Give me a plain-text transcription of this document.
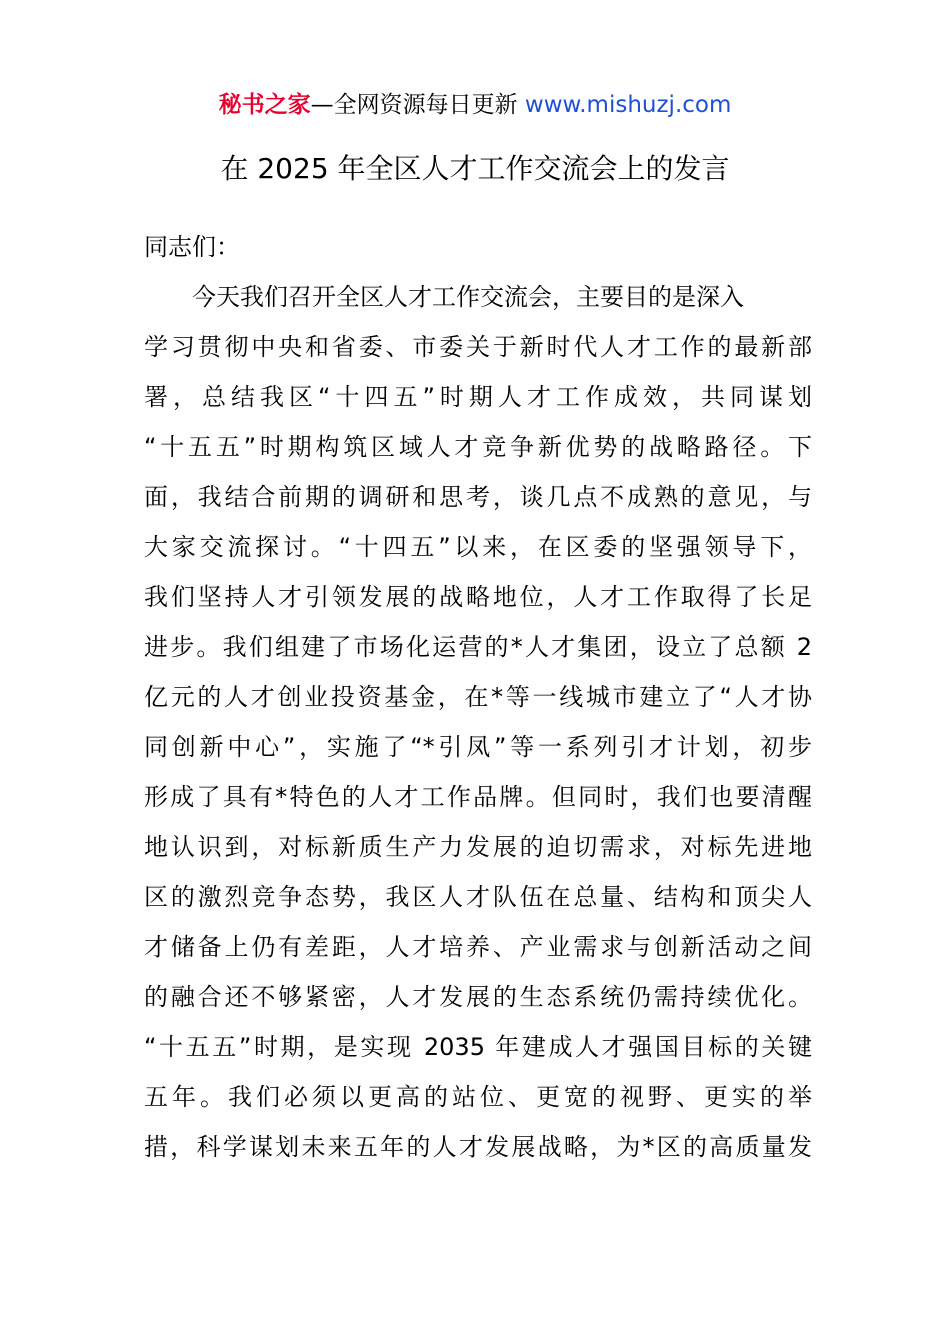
秘书之家—全网资源每日更新 www.mishuzj.com
在 2025 年全区人才工作交流会上的发言
同志们：
今天我们召开全区人才工作交流会，主要目的是深入
学习贯彻中央和省委、市委关于新时代人才工作的最新部
署，总结我区“十四五”时期人才工作成效，共同谋划
“十五五”时期构筑区域人才竞争新优势的战略路径。下
面，我结合前期的调研和思考，谈几点不成熟的意见，与
大家交流探讨。“十四五”以来，在区委的坚强领导下，
我们坚持人才引领发展的战略地位，人才工作取得了长足
进步。我们组建了市场化运营的*人才集团，设立了总额 2
亿元的人才创业投资基金，在*等一线城市建立了“人才协
同创新中心”，实施了“*引凤”等一系列引才计划，初步
形成了具有*特色的人才工作品牌。但同时，我们也要清醒
地认识到，对标新质生产力发展的迫切需求，对标先进地
区的激烈竞争态势，我区人才队伍在总量、结构和顶尖人
才储备上仍有差距，人才培养、产业需求与创新活动之间
的融合还不够紧密，人才发展的生态系统仍需持续优化。
“十五五”时期，是实现 2035 年建成人才强国目标的关键
五年。我们必须以更高的站位、更宽的视野、更实的举
措，科学谋划未来五年的人才发展战略，为*区的高质量发
